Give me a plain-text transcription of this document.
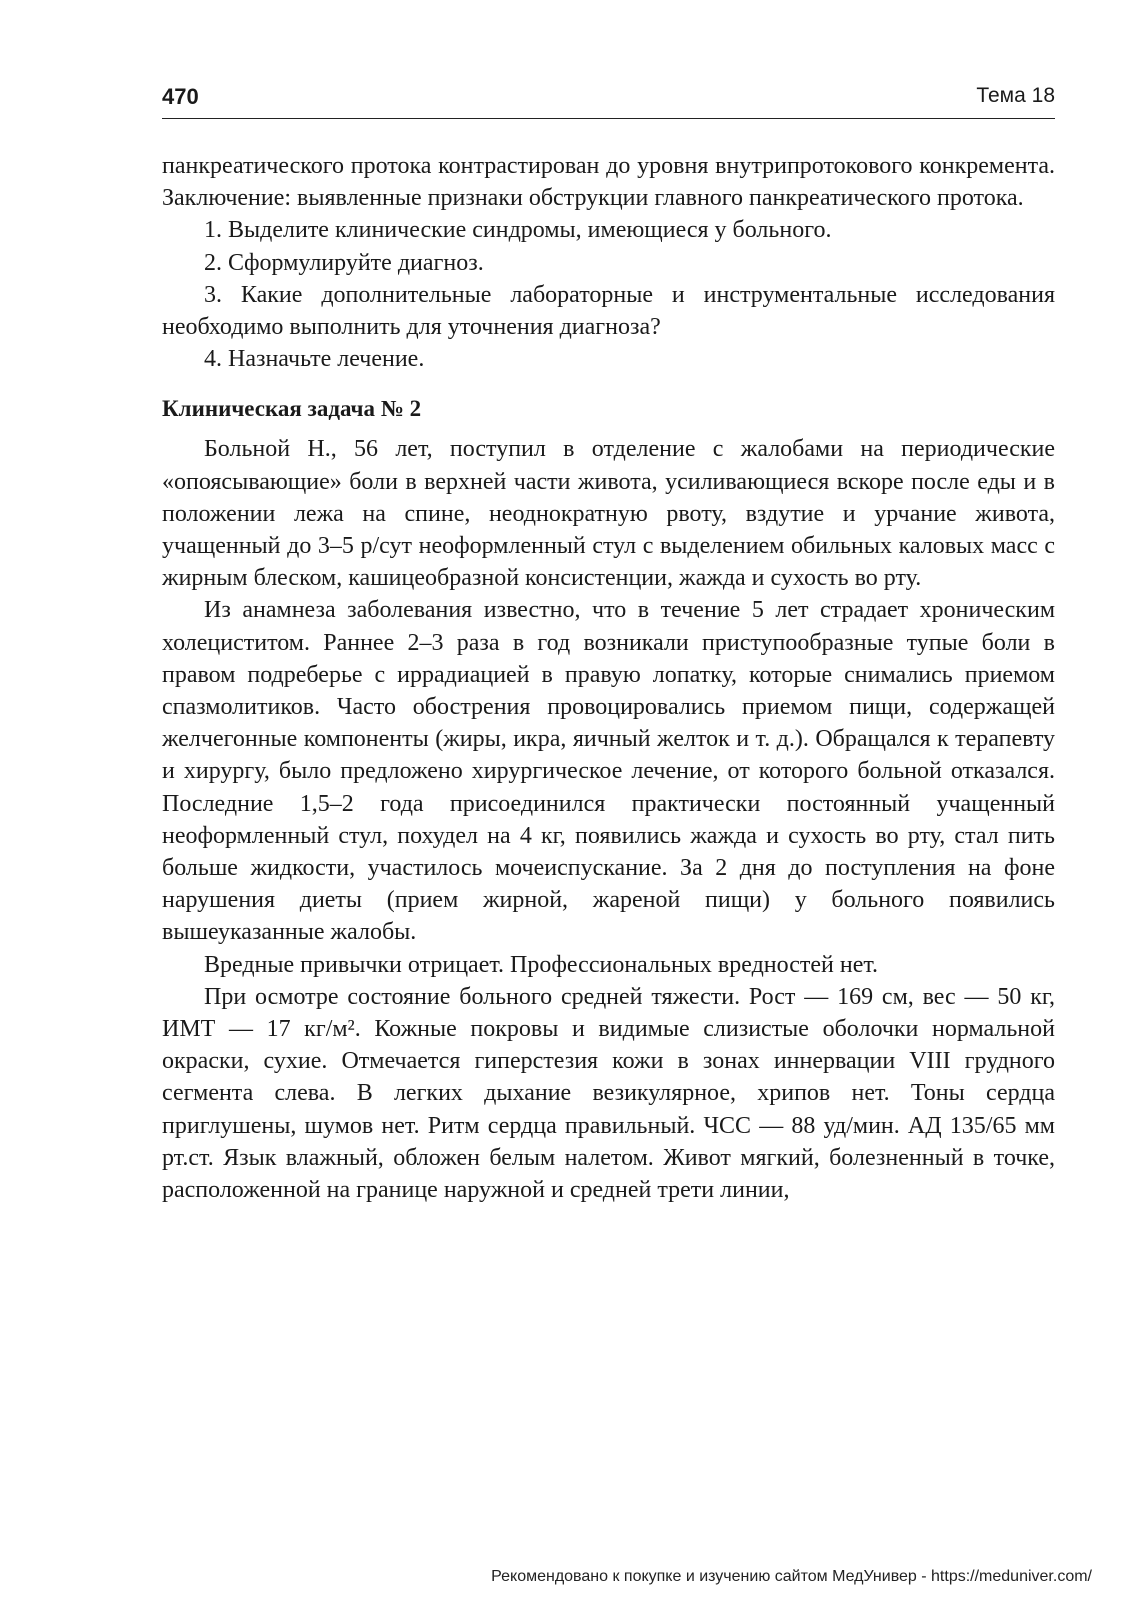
470	Тема 18

панкреатического протока контрастирован до уровня внутрипротокового конкремента. Заключение: выявленные признаки обструкции главного панкреатического протока.

1. Выделите клинические синдромы, имеющиеся у больного.

2. Сформулируйте диагноз.

3. Какие дополнительные лабораторные и инструментальные исследования необходимо выполнить для уточнения диагноза?

4. Назначьте лечение.

Клиническая задача № 2

Больной Н., 56 лет, поступил в отделение с жалобами на периодические «опоясывающие» боли в верхней части живота, усиливающиеся вскоре после еды и в положении лежа на спине, неоднократную рвоту, вздутие и урчание живота, учащенный до 3–5 р/сут неоформленный стул с выделением обильных каловых масс с жирным блеском, кашицеобразной консистенции, жажда и сухость во рту.

Из анамнеза заболевания известно, что в течение 5 лет страдает хроническим холециститом. Раннее 2–3 раза в год возникали приступообразные тупые боли в правом подреберье с иррадиацией в правую лопатку, которые снимались приемом спазмолитиков. Часто обострения провоцировались приемом пищи, содержащей желчегонные компоненты (жиры, икра, яичный желток и т. д.). Обращался к терапевту и хирургу, было предложено хирургическое лечение, от которого больной отказался. Последние 1,5–2 года присоединился практически постоянный учащенный неоформленный стул, похудел на 4 кг, появились жажда и сухость во рту, стал пить больше жидкости, участилось мочеиспускание. За 2 дня до поступления на фоне нарушения диеты (прием жирной, жареной пищи) у больного появились вышеуказанные жалобы.

Вредные привычки отрицает. Профессиональных вредностей нет.

При осмотре состояние больного средней тяжести. Рост — 169 см, вес — 50 кг, ИМТ — 17 кг/м². Кожные покровы и видимые слизистые оболочки нормальной окраски, сухие. Отмечается гиперстезия кожи в зонах иннервации VIII грудного сегмента слева. В легких дыхание везикулярное, хрипов нет. Тоны сердца приглушены, шумов нет. Ритм сердца правильный. ЧСС — 88 уд/мин. АД 135/65 мм рт.ст. Язык влажный, обложен белым налетом. Живот мягкий, болезненный в точке, расположенной на границе наружной и средней трети линии,

Рекомендовано к покупке и изучению сайтом МедУнивер - https://meduniver.com/
